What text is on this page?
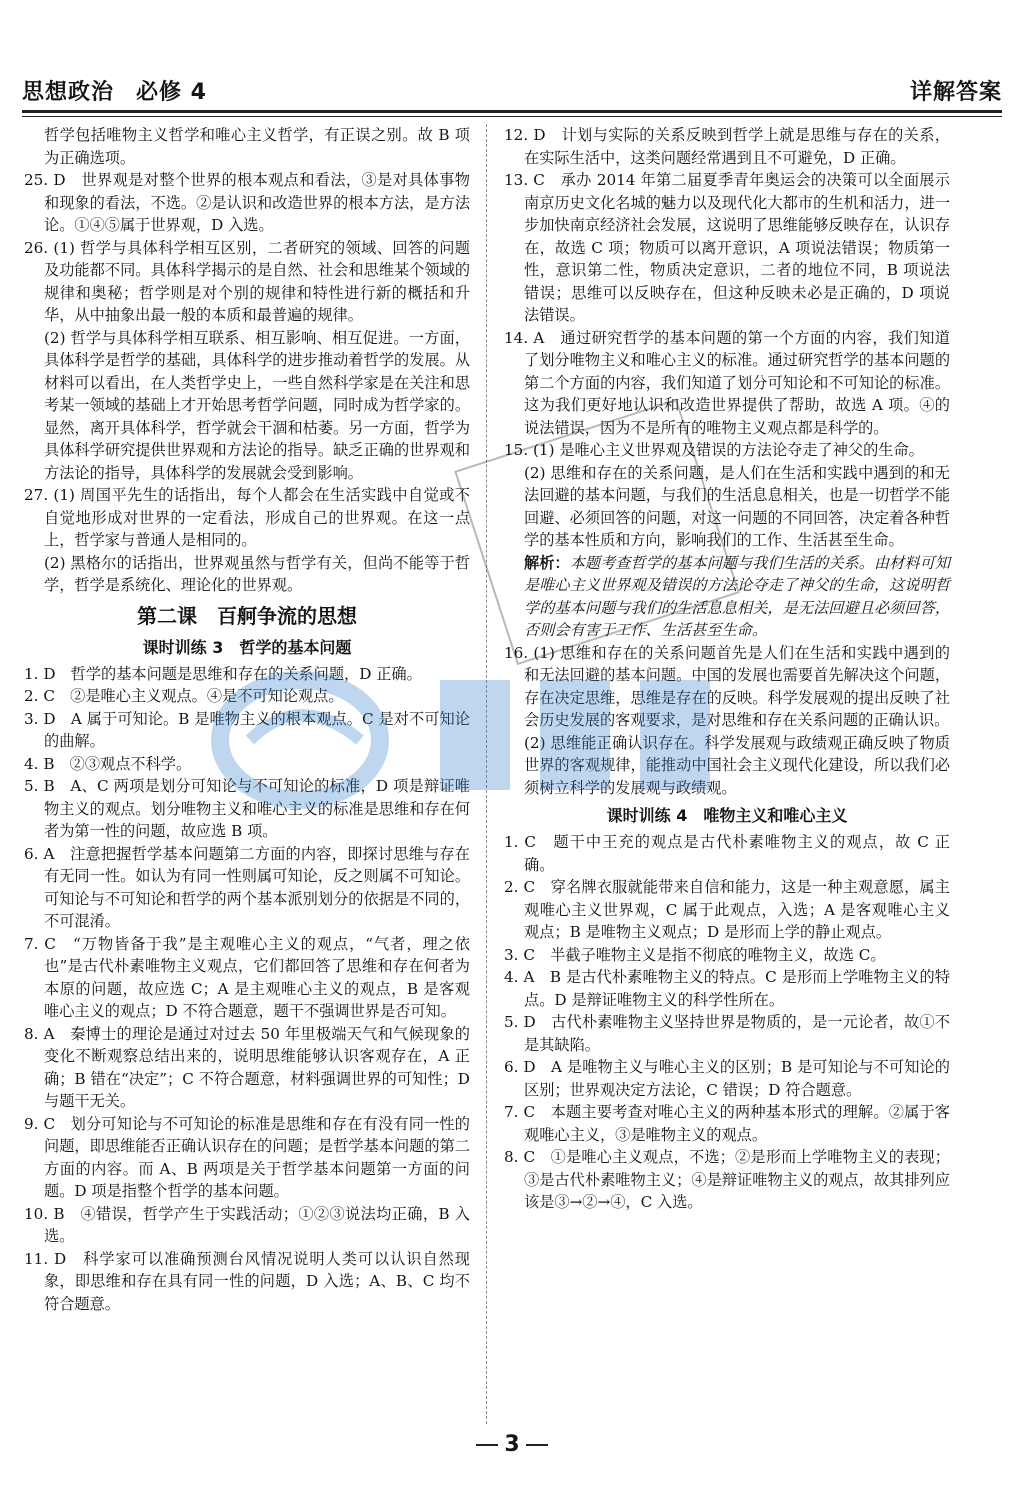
思想政治 必修 4	详解答案

哲学包括唯物主义哲学和唯心主义哲学，有正误之别。故 B 项为正确选项。

25. D　世界观是对整个世界的根本观点和看法，③是对具体事物和现象的看法，不选。②是认识和改造世界的根本方法，是方法论。①④⑤属于世界观，D 入选。

26. (1) 哲学与具体科学相互区别，二者研究的领域、回答的问题及功能都不同。具体科学揭示的是自然、社会和思维某个领域的规律和奥秘；哲学则是对个别的规律和特性进行新的概括和升华，从中抽象出最一般的本质和最普遍的规律。

(2) 哲学与具体科学相互联系、相互影响、相互促进。一方面，具体科学是哲学的基础，具体科学的进步推动着哲学的发展。从材料可以看出，在人类哲学史上，一些自然科学家是在关注和思考某一领域的基础上才开始思考哲学问题，同时成为哲学家的。显然，离开具体科学，哲学就会干涸和枯萎。另一方面，哲学为具体科学研究提供世界观和方法论的指导。缺乏正确的世界观和方法论的指导，具体科学的发展就会受到影响。

27. (1) 周国平先生的话指出，每个人都会在生活实践中自觉或不自觉地形成对世界的一定看法，形成自己的世界观。在这一点上，哲学家与普通人是相同的。

(2) 黑格尔的话指出，世界观虽然与哲学有关，但尚不能等于哲学，哲学是系统化、理论化的世界观。

第二课　百舸争流的思想
课时训练 3　哲学的基本问题

1. D　哲学的基本问题是思维和存在的关系问题，D 正确。

2. C　②是唯心主义观点。④是不可知论观点。

3. D　A 属于可知论。B 是唯物主义的根本观点。C 是对不可知论的曲解。

4. B　②③观点不科学。

5. B　A、C 两项是划分可知论与不可知论的标准，D 项是辩证唯物主义的观点。划分唯物主义和唯心主义的标准是思维和存在何者为第一性的问题，故应选 B 项。

6. A　注意把握哲学基本问题第二方面的内容，即探讨思维与存在有无同一性。如认为有同一性则属可知论，反之则属不可知论。可知论与不可知论和哲学的两个基本派别划分的依据是不同的，不可混淆。

7. C　“万物皆备于我”是主观唯心主义的观点，“气者，理之依也”是古代朴素唯物主义观点，它们都回答了思维和存在何者为本原的问题，故应选 C；A 是主观唯心主义的观点，B 是客观唯心主义的观点；D 不符合题意，题干不强调世界是否可知。

8. A　秦博士的理论是通过对过去 50 年里极端天气和气候现象的变化不断观察总结出来的，说明思维能够认识客观存在，A 正确；B 错在“决定”；C 不符合题意，材料强调世界的可知性；D 与题干无关。

9. C　划分可知论与不可知论的标准是思维和存在有没有同一性的问题，即思维能否正确认识存在的问题；是哲学基本问题的第二方面的内容。而 A、B 两项是关于哲学基本问题第一方面的问题。D 项是指整个哲学的基本问题。

10. B　④错误，哲学产生于实践活动；①②③说法均正确，B 入选。

11. D　科学家可以准确预测台风情况说明人类可以认识自然现象，即思维和存在具有同一性的问题，D 入选；A、B、C 均不符合题意。

12. D　计划与实际的关系反映到哲学上就是思维与存在的关系，在实际生活中，这类问题经常遇到且不可避免，D 正确。

13. C　承办 2014 年第二届夏季青年奥运会的决策可以全面展示南京历史文化名城的魅力以及现代化大都市的生机和活力，进一步加快南京经济社会发展，这说明了思维能够反映存在，认识存在，故选 C 项；物质可以离开意识，A 项说法错误；物质第一性，意识第二性，物质决定意识，二者的地位不同，B 项说法错误；思维可以反映存在，但这种反映未必是正确的，D 项说法错误。

14. A　通过研究哲学的基本问题的第一个方面的内容，我们知道了划分唯物主义和唯心主义的标准。通过研究哲学的基本问题的第二个方面的内容，我们知道了划分可知论和不可知论的标准。这为我们更好地认识和改造世界提供了帮助，故选 A 项。④的说法错误，因为不是所有的唯物主义观点都是科学的。

15. (1) 是唯心主义世界观及错误的方法论夺走了神父的生命。

(2) 思维和存在的关系问题，是人们在生活和实践中遇到的和无法回避的基本问题，与我们的生活息息相关，也是一切哲学不能回避、必须回答的问题，对这一问题的不同回答，决定着各种哲学的基本性质和方向，影响我们的工作、生活甚至生命。

解析：本题考查哲学的基本问题与我们生活的关系。由材料可知是唯心主义世界观及错误的方法论夺走了神父的生命，这说明哲学的基本问题与我们的生活息息相关，是无法回避且必须回答，否则会有害于工作、生活甚至生命。

16. (1) 思维和存在的关系问题首先是人们在生活和实践中遇到的和无法回避的基本问题。中国的发展也需要首先解决这个问题，存在决定思维，思维是存在的反映。科学发展观的提出反映了社会历史发展的客观要求，是对思维和存在关系问题的正确认识。

(2) 思维能正确认识存在。科学发展观与政绩观正确反映了物质世界的客观规律，能推动中国社会主义现代化建设，所以我们必须树立科学的发展观与政绩观。

课时训练 4　唯物主义和唯心主义

1. C　题干中王充的观点是古代朴素唯物主义的观点，故 C 正确。

2. C　穿名牌衣服就能带来自信和能力，这是一种主观意愿，属主观唯心主义世界观，C 属于此观点，入选；A 是客观唯心主义观点；B 是唯物主义观点；D 是形而上学的静止观点。

3. C　半截子唯物主义是指不彻底的唯物主义，故选 C。

4. A　B 是古代朴素唯物主义的特点。C 是形而上学唯物主义的特点。D 是辩证唯物主义的科学性所在。

5. D　古代朴素唯物主义坚持世界是物质的，是一元论者，故①不是其缺陷。

6. D　A 是唯物主义与唯心主义的区别；B 是可知论与不可知论的区别；世界观决定方法论，C 错误；D 符合题意。

7. C　本题主要考查对唯心主义的两种基本形式的理解。②属于客观唯心主义，③是唯物主义的观点。

8. C　①是唯心主义观点，不选；②是形而上学唯物主义的表现；③是古代朴素唯物主义；④是辩证唯物主义的观点，故其排列应该是③→②→④，C 入选。

3
